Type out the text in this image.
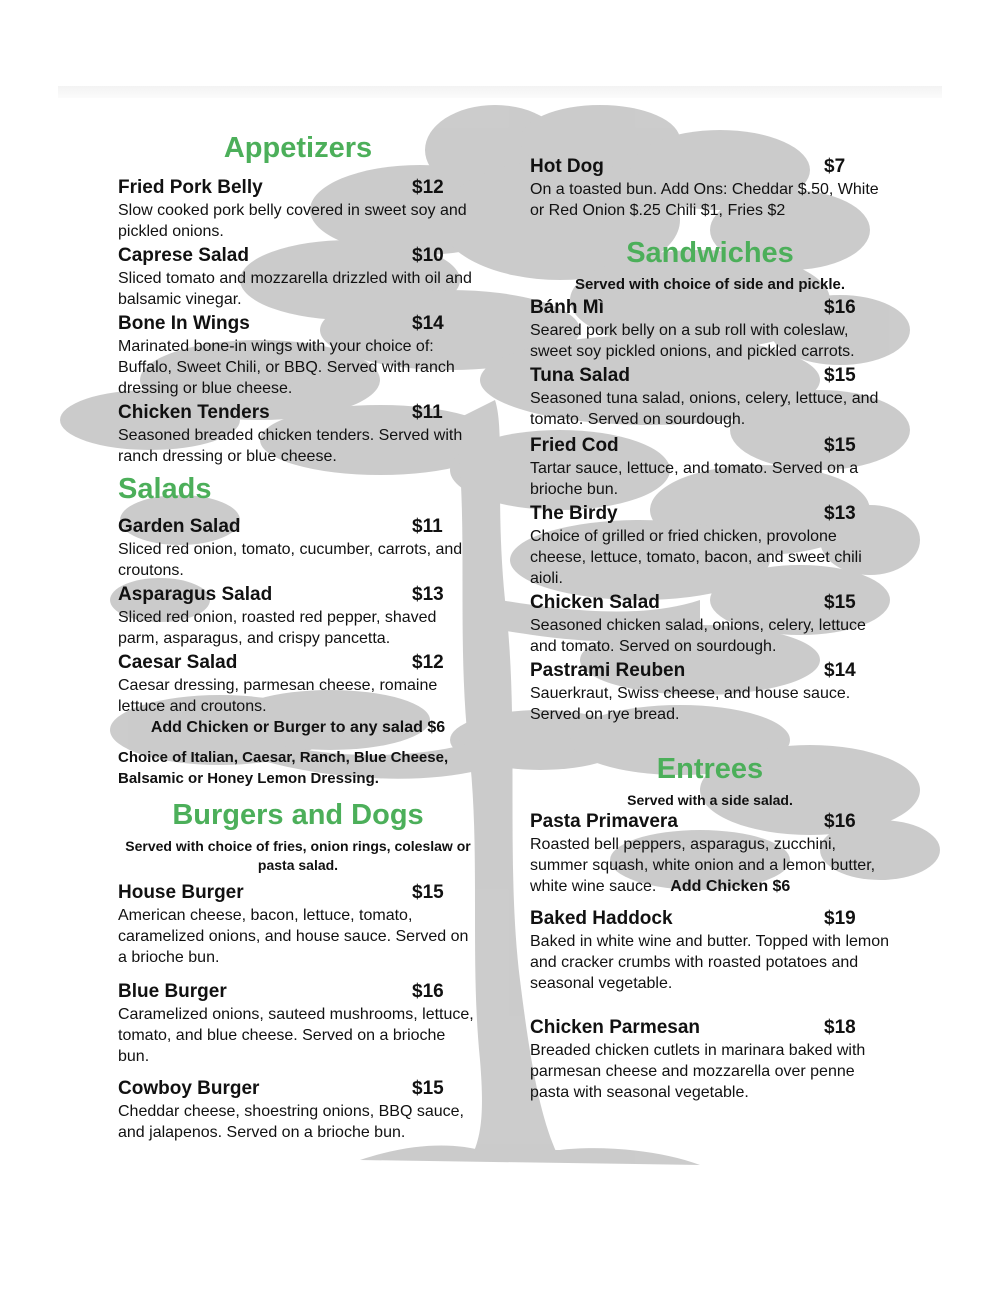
Appetizers

Fried Pork Belly	$12
Slow cooked pork belly covered in sweet soy and pickled onions.
Caprese Salad	$10
Sliced tomato and mozzarella drizzled with oil and balsamic vinegar.
Bone In Wings	$14
Marinated bone-in wings with your choice of: Buffalo, Sweet Chili, or BBQ. Served with ranch dressing or blue cheese.
Chicken Tenders	$11
Seasoned breaded chicken tenders. Served with ranch dressing or blue cheese.

Salads

Garden Salad	$11
Sliced red onion, tomato, cucumber, carrots, and croutons.
Asparagus Salad	$13
Sliced red onion, roasted red pepper, shaved parm, asparagus, and crispy pancetta.
Caesar Salad	$12
Caesar dressing, parmesan cheese, romaine lettuce and croutons.
Add Chicken or Burger to any salad $6
Choice of Italian, Caesar, Ranch, Blue Cheese, Balsamic or Honey Lemon Dressing.

Burgers and Dogs

Served with choice of fries, onion rings, coleslaw or pasta salad.
House Burger	$15
American cheese, bacon, lettuce, tomato, caramelized onions, and house sauce. Served on a brioche bun.
Blue Burger	$16
Caramelized onions, sauteed mushrooms, lettuce, tomato, and blue cheese. Served on a brioche bun.
Cowboy Burger	$15
Cheddar cheese, shoestring onions, BBQ sauce, and jalapenos. Served on a brioche bun.
Hot Dog	$7
On a toasted bun. Add Ons: Cheddar $.50, White or Red Onion $.25 Chili $1, Fries $2

Sandwiches

Served with choice of side and pickle.
Bánh Mì	$16
Seared pork belly on a sub roll with coleslaw, sweet soy pickled onions, and pickled carrots.
Tuna Salad	$15
Seasoned tuna salad, onions, celery, lettuce, and tomato. Served on sourdough.
Fried Cod	$15
Tartar sauce, lettuce, and tomato. Served on a brioche bun.
The Birdy	$13
Choice of grilled or fried chicken, provolone cheese, lettuce, tomato, bacon, and sweet chili aioli.
Chicken Salad	$15
Seasoned chicken salad, onions, celery, lettuce and tomato. Served on sourdough.
Pastrami Reuben	$14
Sauerkraut, Swiss cheese, and house sauce. Served on rye bread.

Entrees

Served with a side salad.
Pasta Primavera	$16
Roasted bell peppers, asparagus, zucchini, summer squash, white onion and a lemon butter, white wine sauce. Add Chicken $6
Baked Haddock	$19
Baked in white wine and butter. Topped with lemon and cracker crumbs with roasted potatoes and seasonal vegetable.
Chicken Parmesan	$18
Breaded chicken cutlets in marinara baked with parmesan cheese and mozzarella over penne pasta with seasonal vegetable.
